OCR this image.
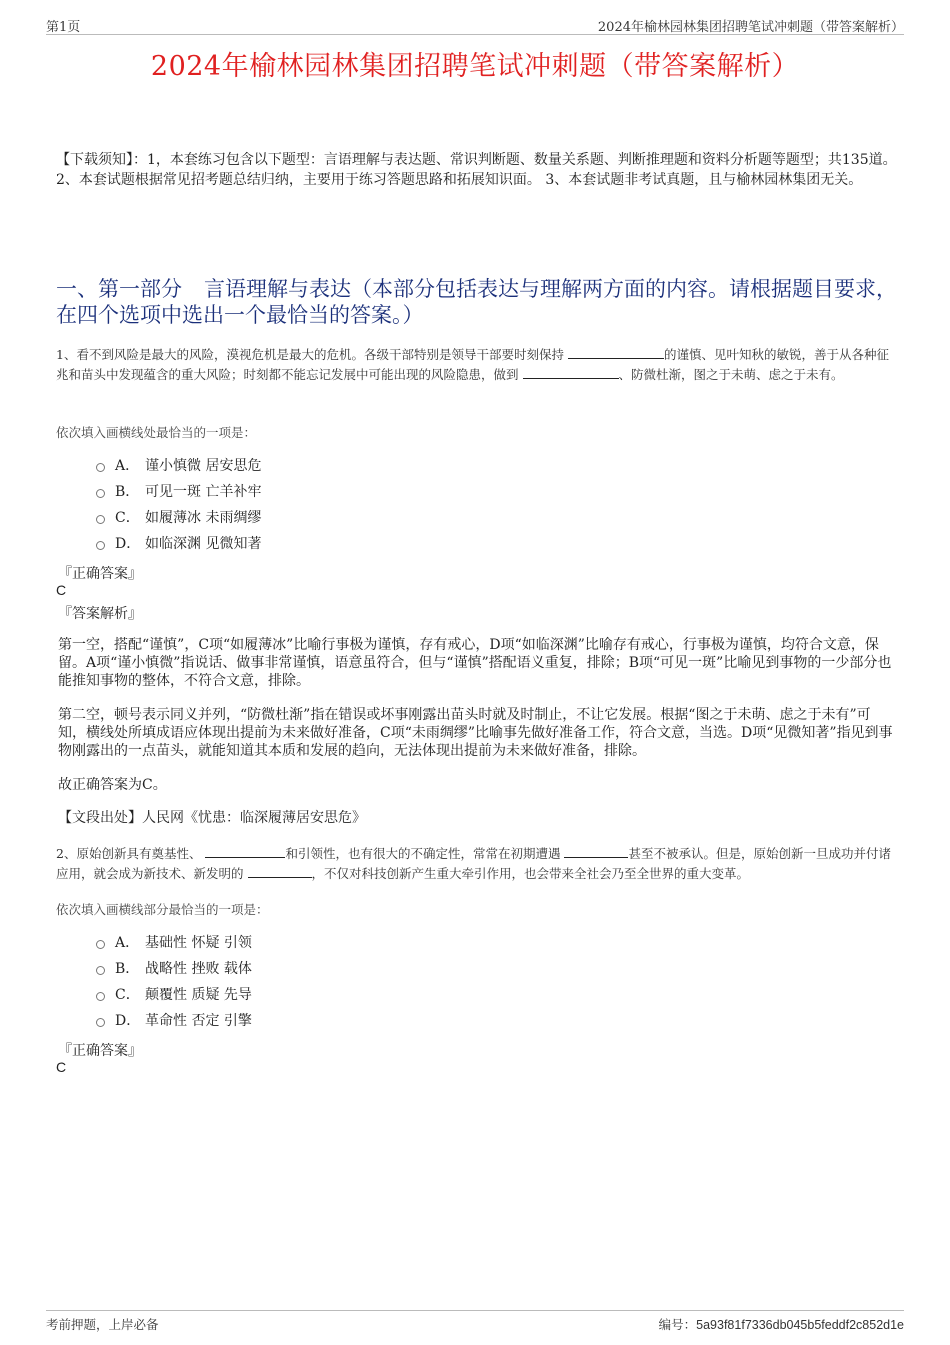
第1页	2024年榆林园林集团招聘笔试冲刺题（带答案解析）
2024年榆林园林集团招聘笔试冲刺题（带答案解析）
【下载须知】：1，本套练习包含以下题型：言语理解与表达题、常识判断题、数量关系题、判断推理题和资料分析题等题型；共135道。 2、本套试题根据常见招考题总结归纳，主要用于练习答题思路和拓展知识面。 3、本套试题非考试真题，且与榆林园林集团无关。
一、第一部分 言语理解与表达（本部分包括表达与理解两方面的内容。请根据题目要求，在四个选项中选出一个最恰当的答案。）
1、看不到风险是最大的风险，漠视危机是最大的危机。各级干部特别是领导干部要时刻保持	的谨慎、见叶知秋的敏锐，善于从各种征兆和苗头中发现蕴含的重大风险；时刻都不能忘记发展中可能出现的风险隐患，做到	、防微杜渐，图之于未萌、虑之于未有。
依次填入画横线处最恰当的一项是：
A． 谨小慎微 居安思危
B． 可见一斑 亡羊补牢
C． 如履薄冰 未雨绸缪
D． 如临深渊 见微知著
『正确答案』
C
『答案解析』
第一空，搭配“谨慎”，C项“如履薄冰”比喻行事极为谨慎，存有戒心，D项“如临深渊”比喻存有戒心，行事极为谨慎，均符合文意，保留。A项“谨小慎微”指说话、做事非常谨慎，语意虽符合，但与“谨慎”搭配语义重复，排除；B项“可见一斑”比喻见到事物的一少部分也能推知事物的整体，不符合文意，排除。
第二空，顿号表示同义并列，“防微杜渐”指在错误或坏事刚露出苗头时就及时制止，不让它发展。根据“图之于未萌、虑之于未有”可知，横线处所填成语应体现出提前为未来做好准备，C项“未雨绸缪”比喻事先做好准备工作，符合文意，当选。D项“见微知著”指见到事物刚露出的一点苗头，就能知道其本质和发展的趋向，无法体现出提前为未来做好准备，排除。
故正确答案为C。
【文段出处】人民网《忧患：临深履薄居安思危》
2、原始创新具有奠基性、	和引领性，也有很大的不确定性，常常在初期遭遇	甚至不被承认。但是，原始创新一旦成功并付诸应用，就会成为新技术、新发明的	，不仅对科技创新产生重大牵引作用，也会带来全社会乃至全世界的重大变革。
依次填入画横线部分最恰当的一项是：
A． 基础性 怀疑 引领
B． 战略性 挫败 载体
C． 颠覆性 质疑 先导
D． 革命性 否定 引擎
『正确答案』
C
考前押题，上岸必备	编号：5a93f81f7336db045b5feddf2c852d1e
